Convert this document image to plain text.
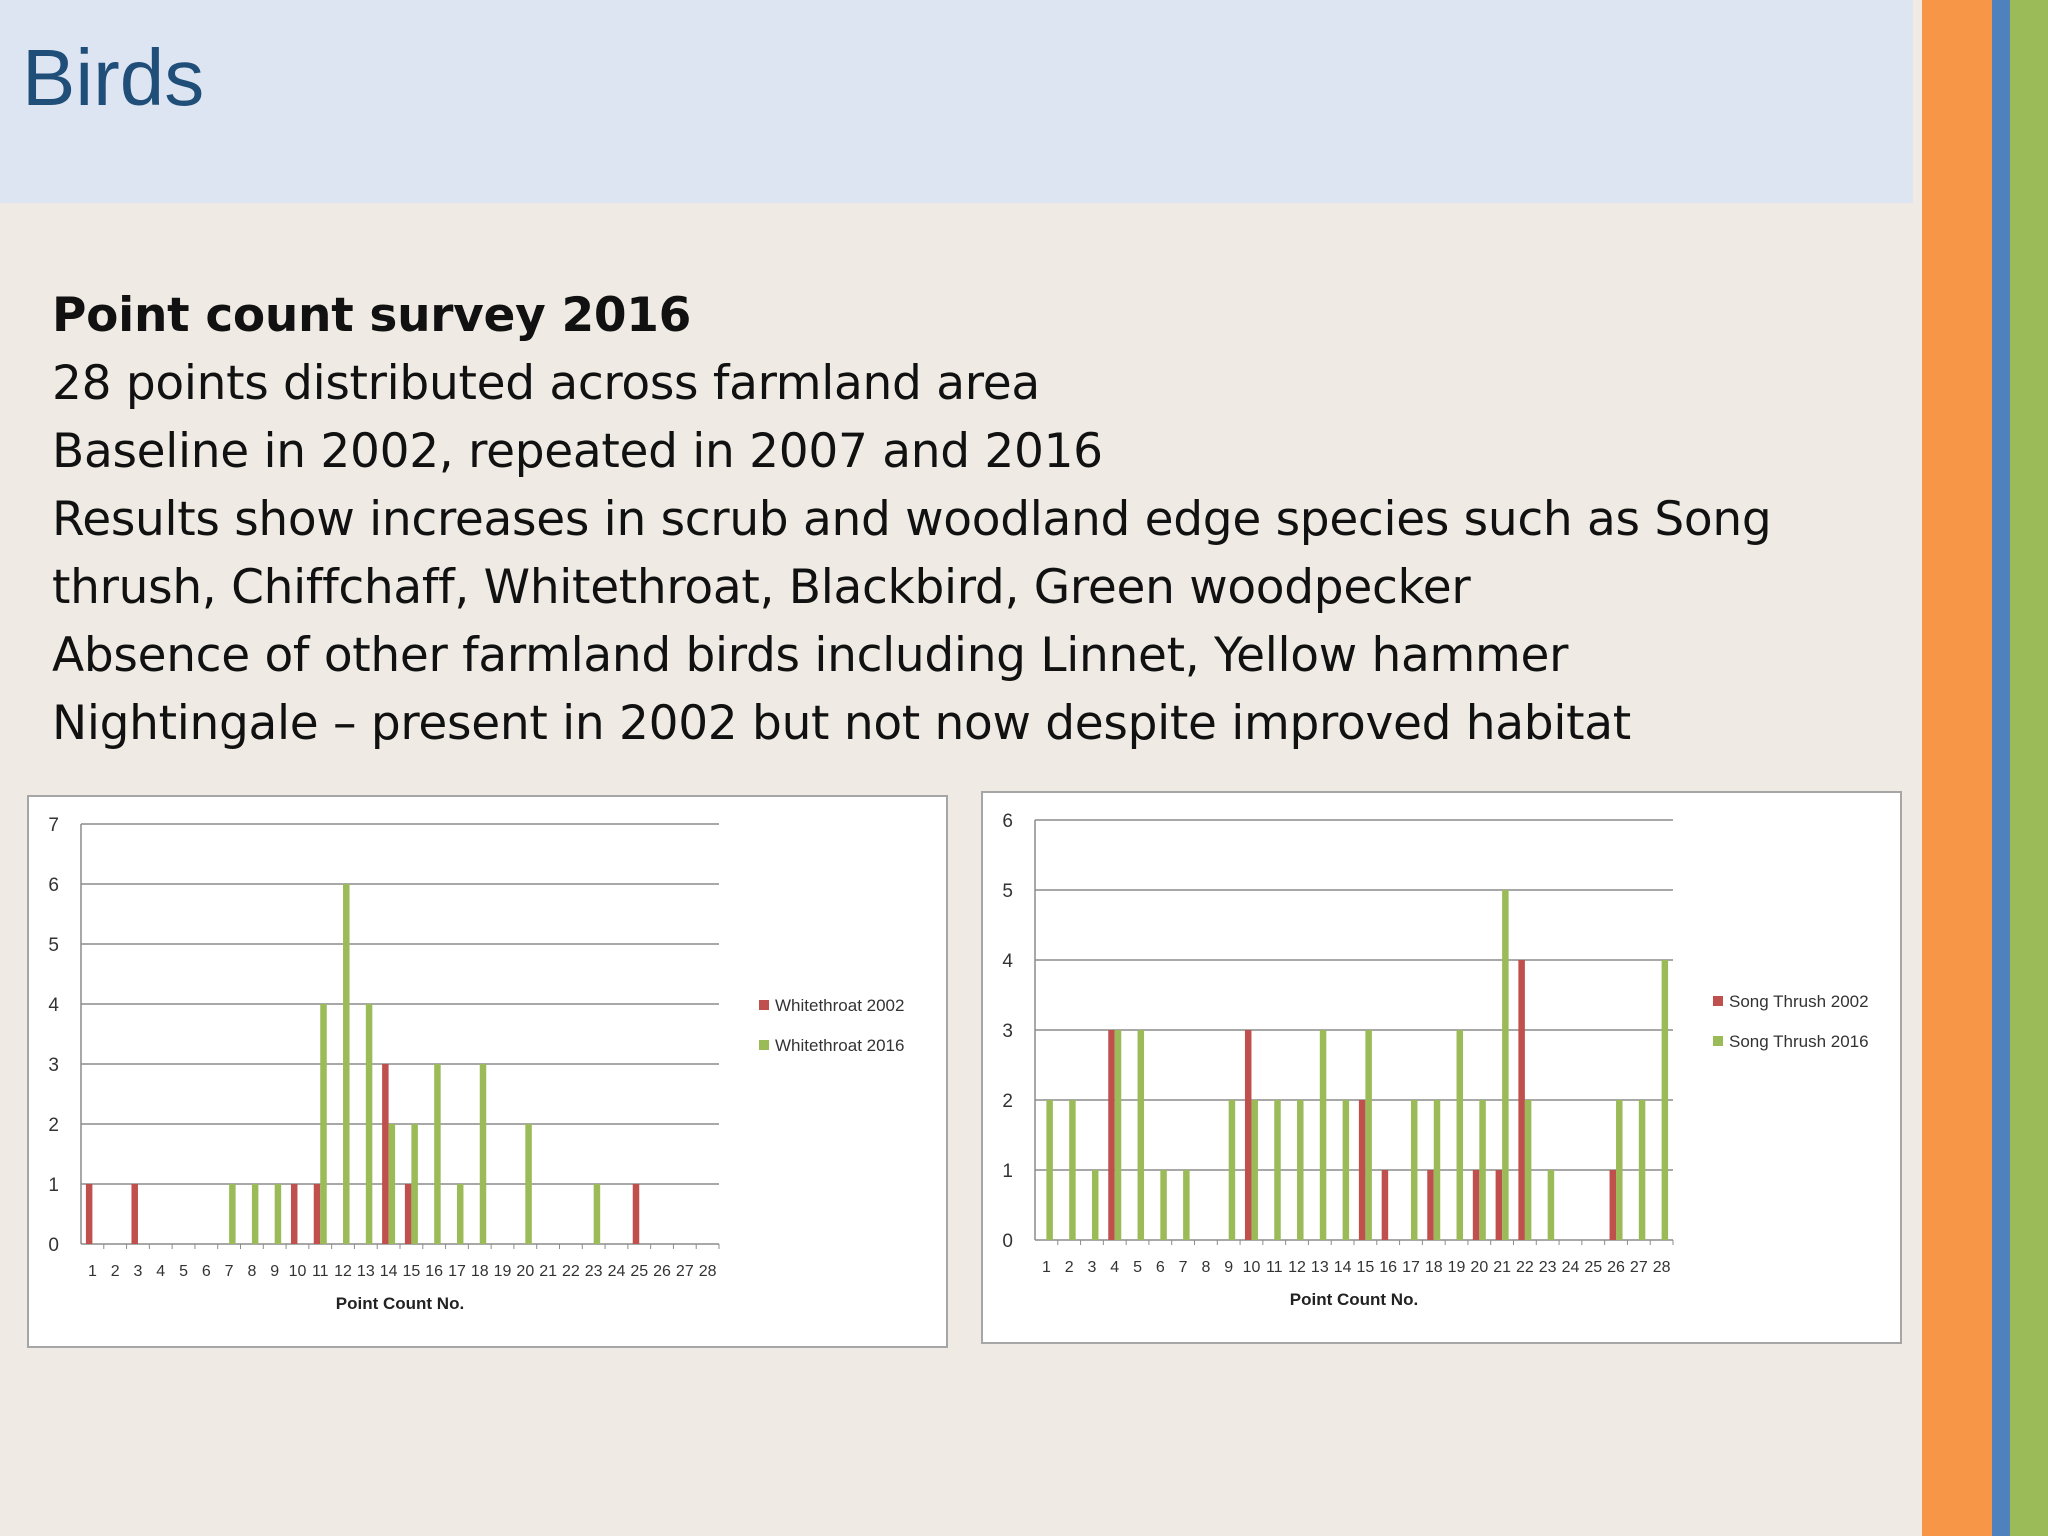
Birds
Point count survey 2016
28 points distributed across farmland area
Baseline in 2002, repeated in 2007 and 2016
Results show increases in scrub and woodland edge species such as Song thrush, Chiffchaff, Whitethroat, Blackbird, Green woodpecker
Absence of other farmland birds including Linnet, Yellow hammer
Nightingale – present in 2002 but not now despite improved habitat
0
1
2
3
4
5
6
7
1 2 3 4 5 6 7 8 9 10 11 12 13 14 15 16 17 18 19 20 21 22 23 24 25 26 27 28
Point Count No.
Whitethroat 2002
Whitethroat 2016
0
1
2
3
4
5
6
1 2 3 4 5 6 7 8 9 10 11 12 13 14 15 16 17 18 19 20 21 22 23 24 25 26 27 28
Point Count No.
Song Thrush 2002
Song Thrush 2016
